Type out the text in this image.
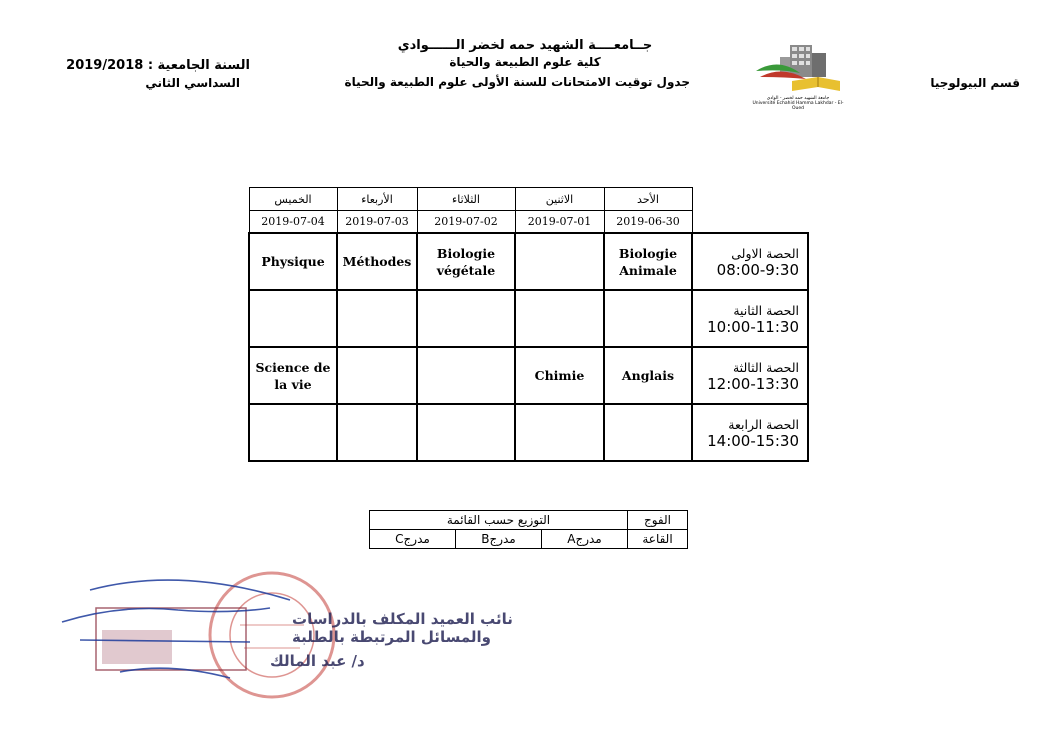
جــامعــــة الشهيد حمه لخضر الــــــوادي
كلية علوم الطبيعة والحياة
جدول توقيت الامتحانات للسنة الأولى علوم الطبيعة والحياة	قسم البيولوجيا
السنة الجامعية : 2019/2018
السداسي الثاني
جامعة الشهيد حمه لخضر - الوادي
Université Echahid Hamma Lakhdar - El-Oued
	الأحد	الاثنين	الثلاثاء	الأربعاء	الخميس
	2019-06-30	2019-07-01	2019-07-02	2019-07-03	2019-07-04

الحصة الاولى
08:00-9:30	Biologie Animale		Biologie végétale	Méthodes	Physique

الحصة الثانية
10:00-11:30					

الحصة الثالثة
12:00-13:30	Anglais	Chimie			Science de la vie

الحصة الرابعة
14:00-15:30					

الفوج	التوزيع حسب القائمة		
القاعة	مدرجA	مدرجB	مدرجC
نائب العميد المكلف بالدراسات
والمسائل المرتبطة بالطلبة
د/ عبد المالك
